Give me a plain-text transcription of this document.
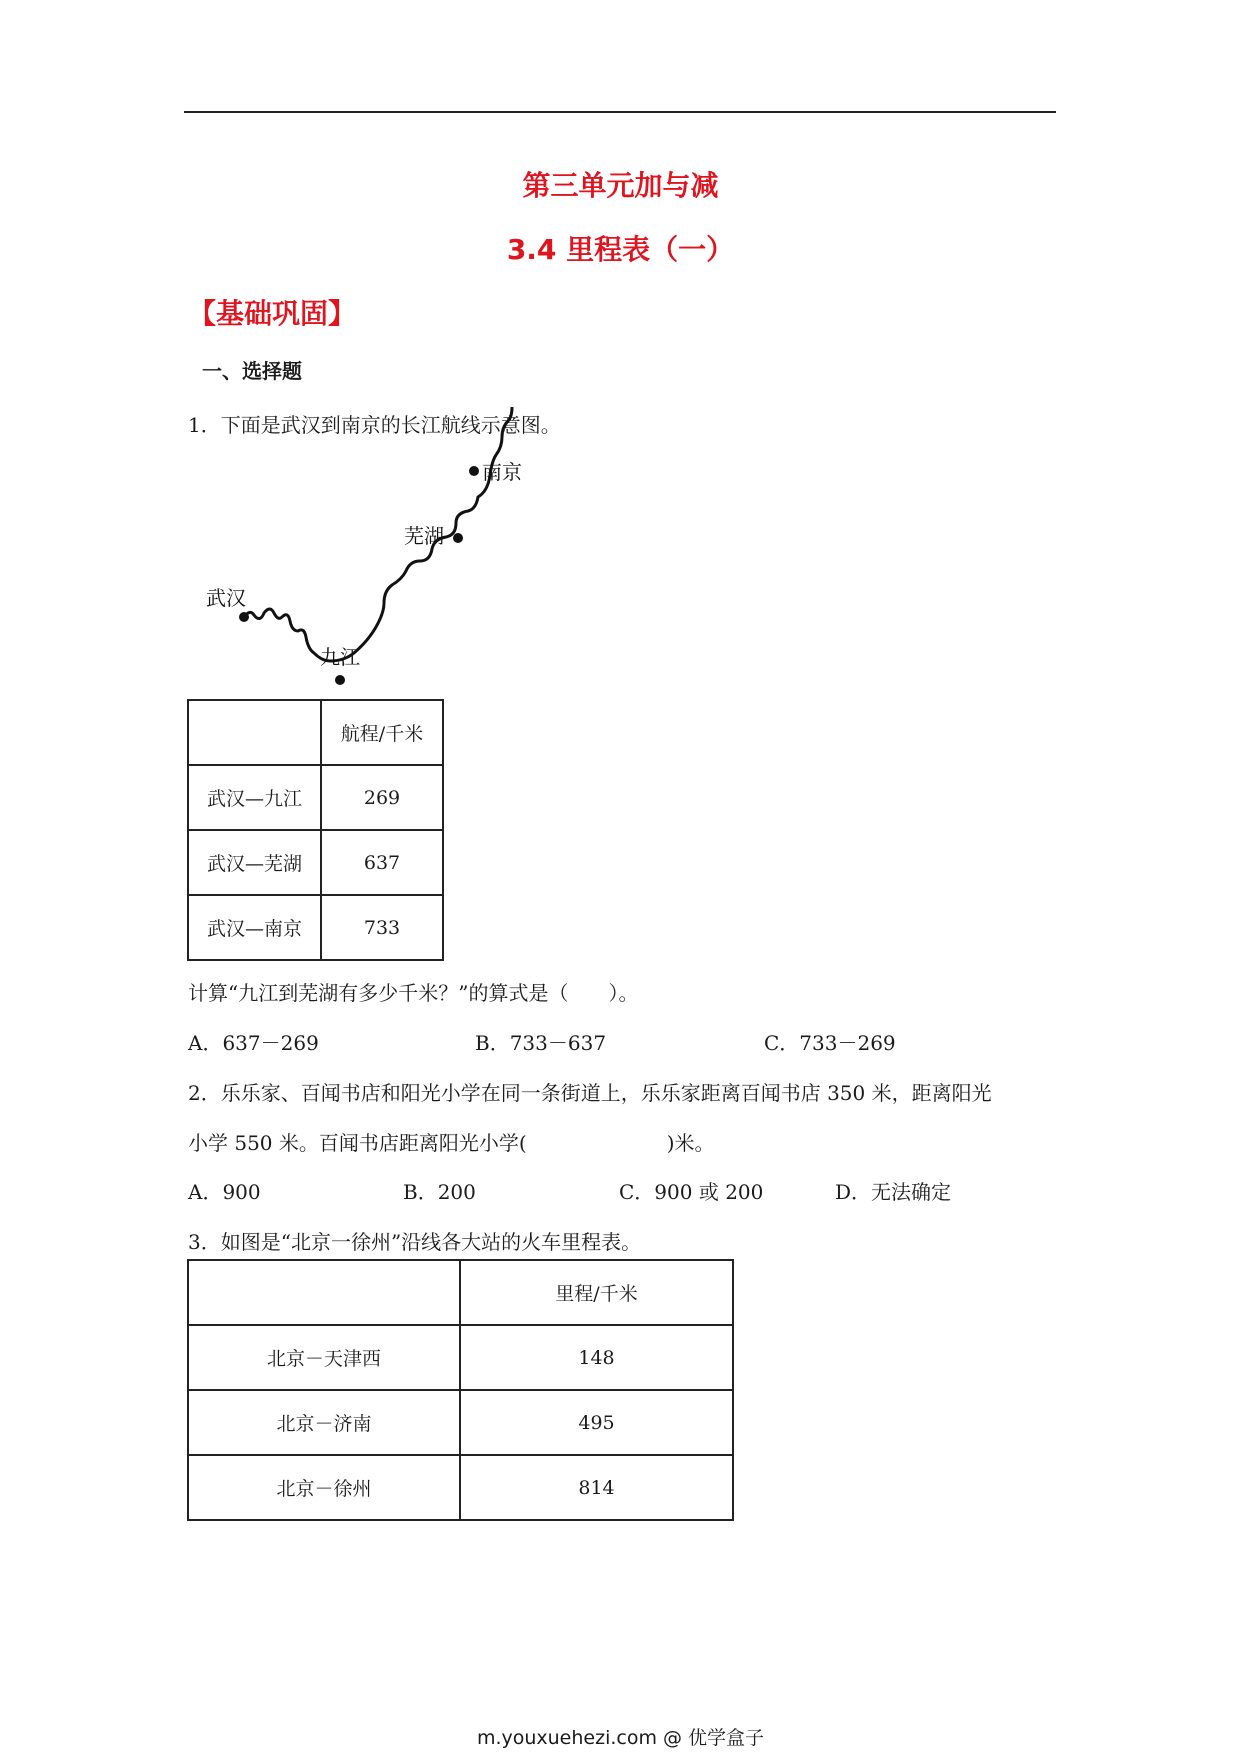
第三单元加与减
3.4 里程表（一）
【基础巩固】
一、选择题
1．下面是武汉到南京的长江航线示意图。
南京
芜湖
武汉
九江
	航程/千米
武汉—九江	269
武汉—芜湖	637
武汉—南京	733
计算“九江到芜湖有多少千米？”的算式是（　　）。
A．637－269	B．733－637	C．733－269
2．乐乐家、百闻书店和阳光小学在同一条街道上，乐乐家距离百闻书店 350 米，距离阳光
小学 550 米。百闻书店距离阳光小学(　　　　　　　)米。
A．900	B．200	C．900 或 200	D．无法确定
3．如图是“北京一徐州”沿线各大站的火车里程表。
	里程/千米
北京－天津西	148
北京－济南	495
北京－徐州	814
m.youxuehezi.com @ 优学盒子
